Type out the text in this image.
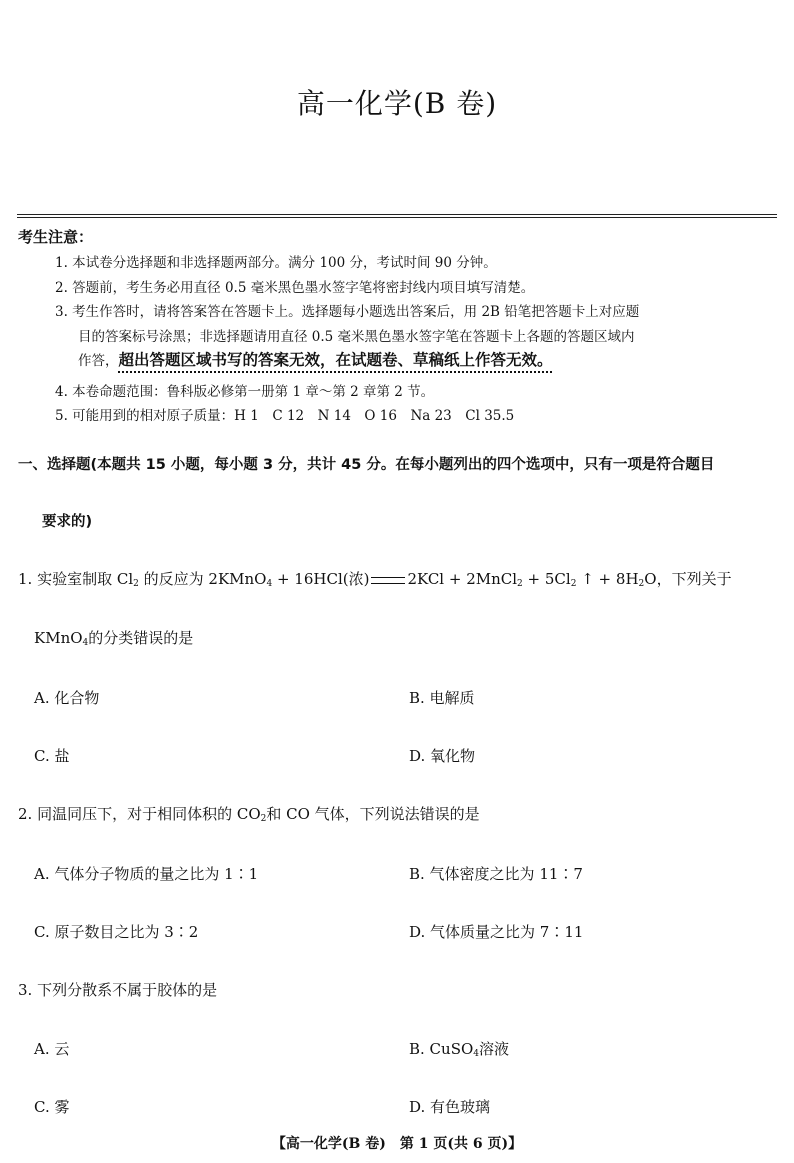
高一化学(B 卷)
考生注意：
1. 本试卷分选择题和非选择题两部分。满分 100 分，考试时间 90 分钟。
2. 答题前，考生务必用直径 0.5 毫米黑色墨水签字笔将密封线内项目填写清楚。
3. 考生作答时，请将答案答在答题卡上。选择题每小题选出答案后，用 2B 铅笔把答题卡上对应题
目的答案标号涂黑；非选择题请用直径 0.5 毫米黑色墨水签字笔在答题卡上各题的答题区域内
作答，超出答题区域书写的答案无效，在试题卷、草稿纸上作答无效。
4. 本卷命题范围：鲁科版必修第一册第 1 章～第 2 章第 2 节。
5. 可能用到的相对原子质量：H 1　C 12　N 14　O 16　Na 23　Cl 35.5
一、选择题(本题共 15 小题，每小题 3 分，共计 45 分。在每小题列出的四个选项中，只有一项是符合题目
要求的)
1. 实验室制取 $Cl_2$ 的反应为 2KMnO$_4$ + 16HCl(浓)	2KCl + 2MnCl$_2$ + $5Cl_2$ ↑ + $8H_2O$，下列关于
KMnO$_4$的分类错误的是
A. 化合物	B. 电解质
C. 盐	D. 氧化物
2. 同温同压下，对于相同体积的 $CO_2$和 CO 气体，下列说法错误的是
A. 气体分子物质的量之比为 1∶1	B. 气体密度之比为 11∶7
C. 原子数目之比为 3∶2	D. 气体质量之比为 7∶11
3. 下列分散系不属于胶体的是
A. 云	B. CuSO$_4$溶液
C. 雾	D. 有色玻璃
【高一化学(B 卷)　第 1 页(共 6 页)】
